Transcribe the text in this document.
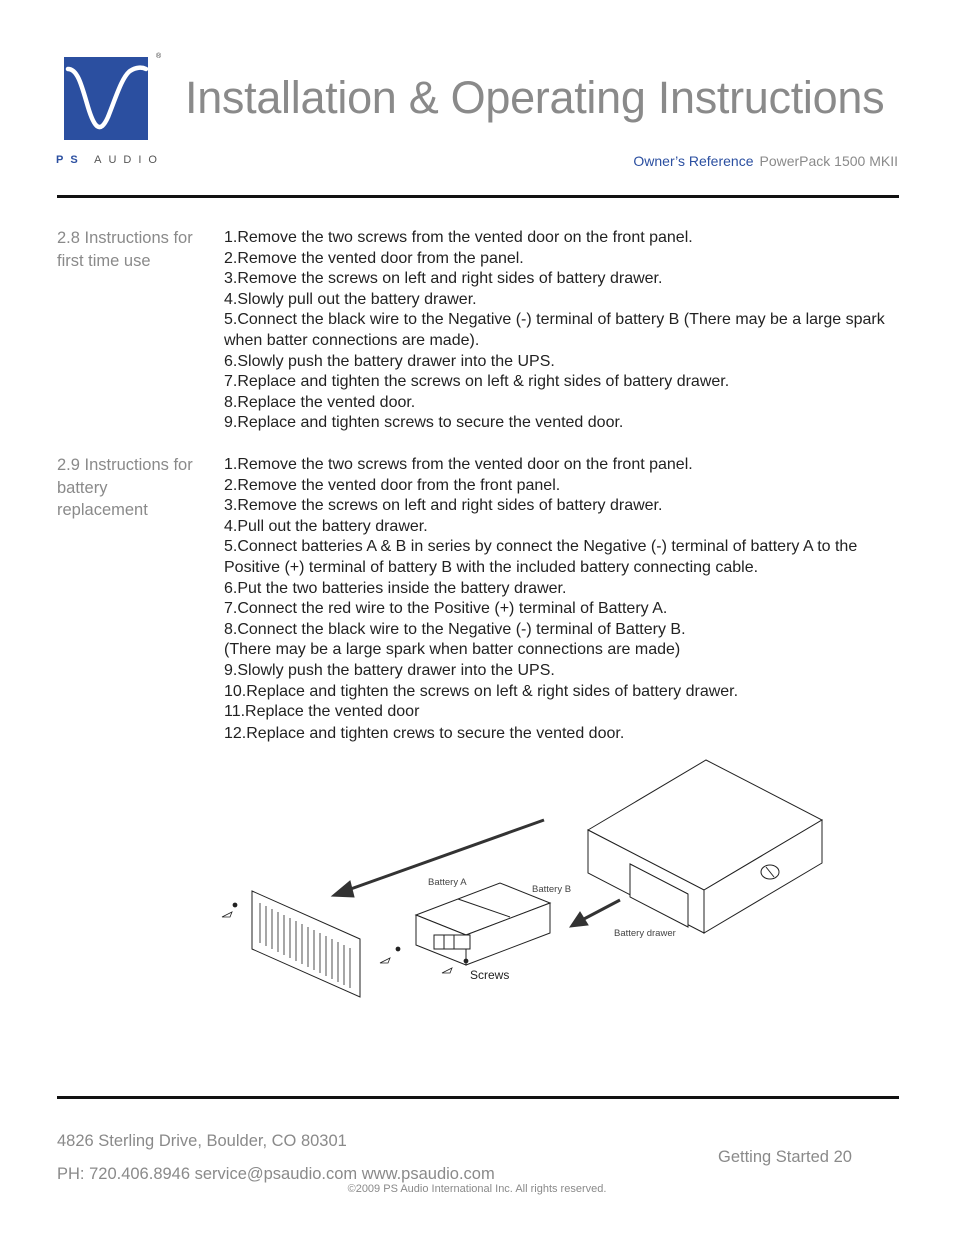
®
PS AUDIO
Installation & Operating Instructions
Owner’s Reference PowerPack 1500 MKII
2.8 Instructions for first time use
1.Remove the two screws from the vented door on the front panel.
2.Remove the vented door from the panel.
3.Remove the screws on left and right sides of battery drawer.
4.Slowly pull out the battery drawer.
5.Connect the black wire to the Negative (-) terminal of battery B (There may be a large spark when batter connections are made).
6.Slowly push the battery drawer into the UPS.
7.Replace and tighten the screws on left & right sides of battery drawer.
8.Replace the vented door.
9.Replace and tighten screws to secure the vented door.
2.9 Instructions for battery replacement
1.Remove the two screws from the vented door on the front panel.
2.Remove the vented door from the front panel.
3.Remove the screws on left and right sides of battery drawer.
4.Pull out the battery drawer.
5.Connect batteries A & B in series by connect the Negative (-) terminal of battery A to the Positive (+) terminal of battery B with the included battery connecting cable.
6.Put the two batteries inside the battery drawer.
7.Connect the red wire to the Positive (+) terminal of Battery A.
8.Connect the black wire to the Negative (-) terminal of Battery B.
(There may be a large spark when batter connections are made)
9.Slowly push the battery drawer into the UPS.
10.Replace and tighten the screws on left & right sides of battery drawer.
11.Replace the vented door
12.Replace and tighten crews to secure the vented door.
Battery A
Battery B
Battery drawer
Screws
4826 Sterling Drive, Boulder, CO 80301
PH: 720.406.8946 service@psaudio.com www.psaudio.com
Getting Started 20
©2009 PS Audio International Inc. All rights reserved.
